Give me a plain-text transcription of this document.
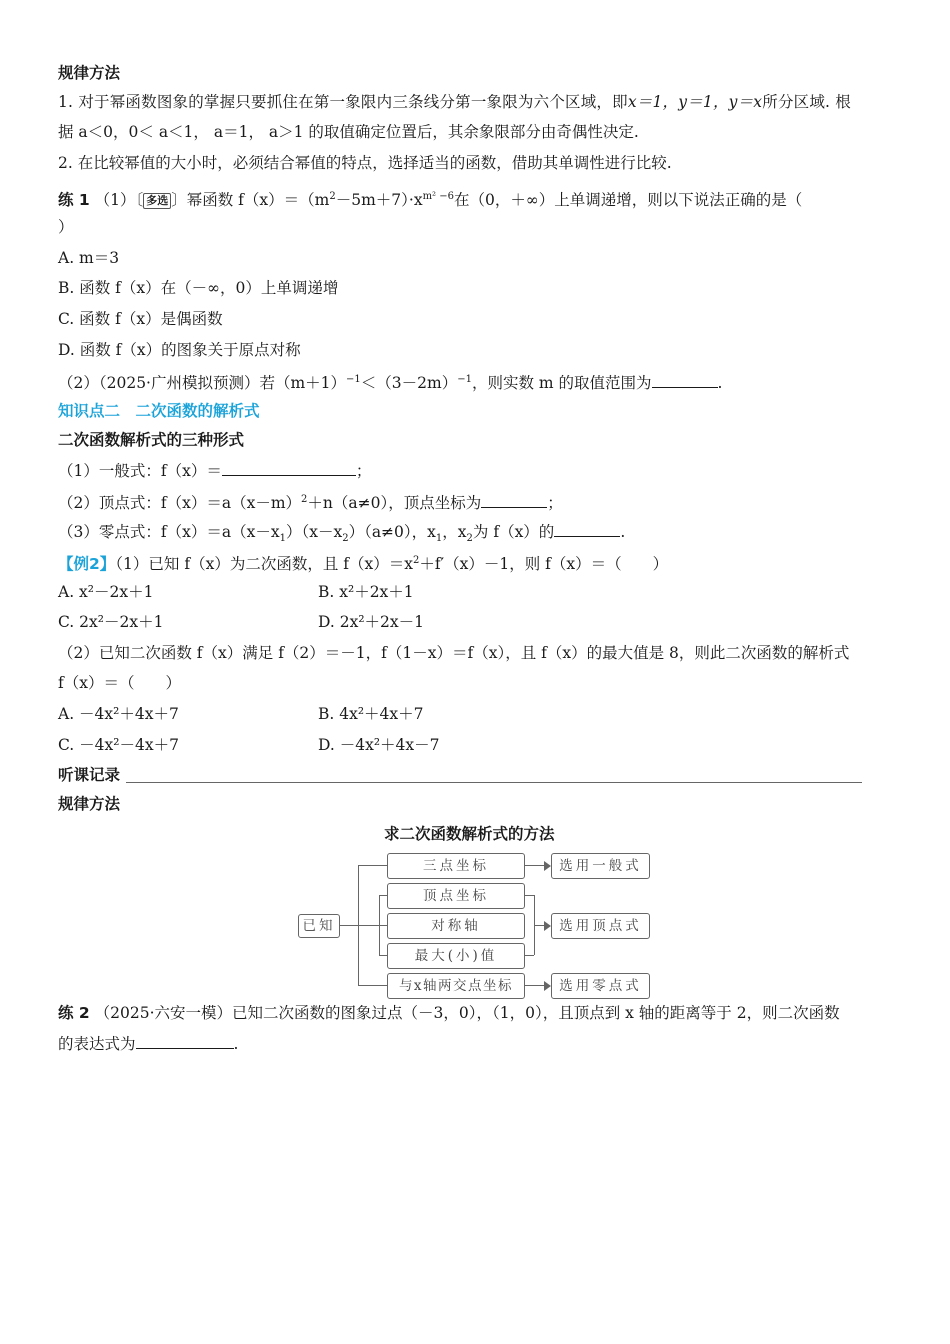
规律方法
1. 对于幂函数图象的掌握只要抓住在第一象限内三条线分第一象限为六个区域，即x＝1，y＝1，y＝x所分区域. 根
据 a＜0，0＜ a＜1， a＝1， a＞1 的取值确定位置后，其余象限部分由奇偶性决定.
2. 在比较幂值的大小时，必须结合幂值的特点，选择适当的函数，借助其单调性进行比较.
练 1 （1）〔 多选 〕幂函数 $f(x)=(m^2-5m+7)\cdot x^{m^2 -6}$在（0，＋∞）上单调递增，则以下说法正确的是（
）
A. m＝3
B. 函数 f（x）在（－∞，0）上单调递增
C. 函数 f（x）是偶函数
D. 函数 f（x）的图象关于原点对称
（2）（2025·广州模拟预测）若$(m+1)^{-1}<(3-2m)^{-1}$，则实数 m 的取值范围为	.
知识点二　二次函数的解析式
二次函数解析式的三种形式
（1）一般式：f（x）＝	；
（2）顶点式：$f(x)=a(x-m)^2+n(a\ne 0)$，顶点坐标为	；
（3）零点式：$f(x)=a(x-x_1)(x-x_2)(a\ne 0)$，$x_1$，$x_2$为 f（x）的	.
【例2】（1）已知 f（x）为二次函数，且 $f(x)=x^2+f'(x)-1$，则 f（x）＝（　　）
A. x²－2x＋1	B. x²＋2x＋1
C. 2x²－2x＋1	D. 2x²＋2x－1
（2）已知二次函数 f（x）满足 f（2）＝－1，f（1－x）＝f（x），且 f（x）的最大值是 8，则此二次函数的解析式
f（x）＝（　　）
A. －4x²＋4x＋7	B. 4x²＋4x＋7
C. －4x²－4x＋7	D. －4x²＋4x－7
听课记录
规律方法
求二次函数解析式的方法
已知
三点坐标
顶点坐标
对称轴
最大(小)值
与x轴两交点坐标
选用一般式
选用顶点式
选用零点式
练 2 （2025·六安一模）已知二次函数的图象过点（－3，0），（1，0），且顶点到 x 轴的距离等于 2，则二次函数
的表达式为	.
